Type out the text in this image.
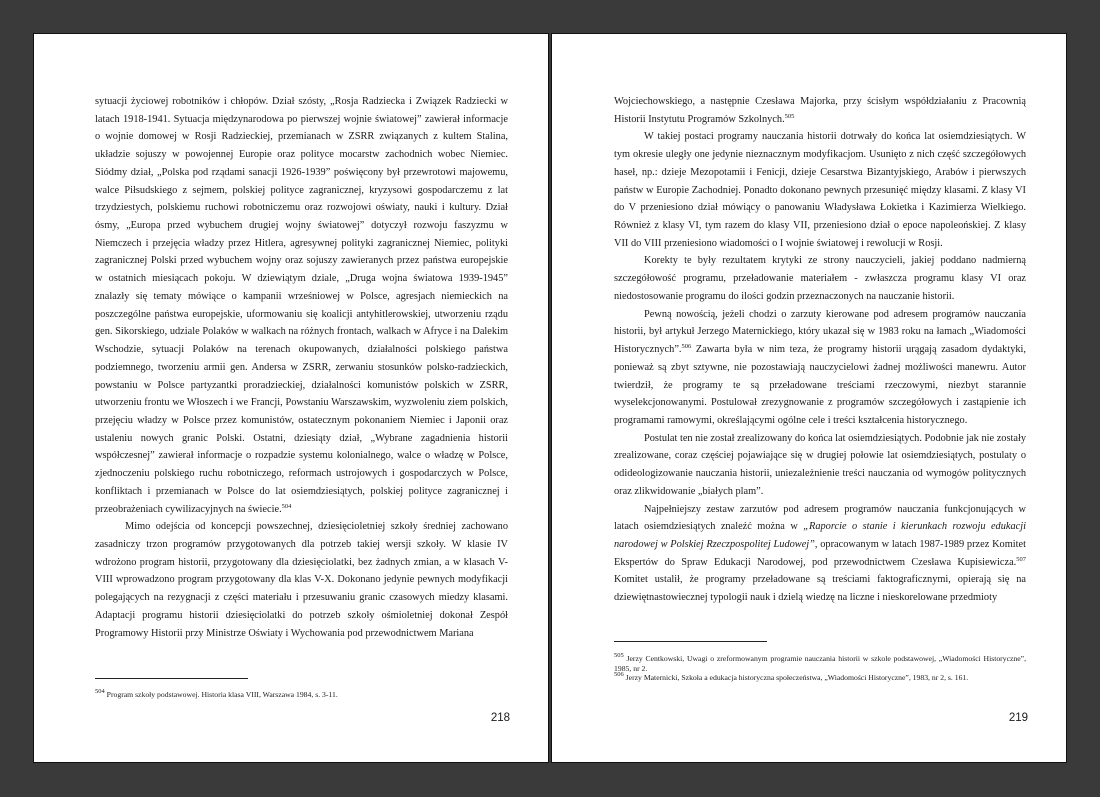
sytuacji życiowej robotników i chłopów. Dział szósty, „Rosja Radziecka i Związek Radziecki w latach 1918-1941. Sytuacja międzynarodowa po pierwszej wojnie światowej” zawierał informacje o wojnie domowej w Rosji Radzieckiej, przemianach w ZSRR związanych z kultem Stalina, układzie sojuszy w powojennej Europie oraz polityce mocarstw zachodnich wobec Niemiec. Siódmy dział, „Polska pod rządami sanacji 1926-1939” poświęcony był przewrotowi majowemu, walce Piłsudskiego z sejmem, polskiej polityce zagranicznej, kryzysowi gospodarczemu z lat trzydziestych, polskiemu ruchowi robotniczemu oraz rozwojowi oświaty, nauki i kultury. Dział ósmy, „Europa przed wybuchem drugiej wojny światowej” dotyczył rozwoju faszyzmu w Niemczech i przejęcia władzy przez Hitlera, agresywnej polityki zagranicznej Niemiec, polityki zagranicznej Polski przed wybuchem wojny oraz sojuszy zawieranych przez państwa europejskie w ostatnich miesiącach pokoju. W dziewiątym dziale, „Druga wojna światowa 1939-1945” znalazły się tematy mówiące o kampanii wrześniowej w Polsce, agresjach niemieckich na poszczególne państwa europejskie, uformowaniu się koalicji antyhitlerowskiej, utworzeniu rządu gen. Sikorskiego, udziale Polaków w walkach na różnych frontach, walkach w Afryce i na Dalekim Wschodzie, sytuacji Polaków na terenach okupowanych, działalności polskiego państwa podziemnego, tworzeniu armii gen. Andersa w ZSRR, zerwaniu stosunków polsko-radzieckich, powstaniu w Polsce partyzantki proradzieckiej, działalności komunistów polskich w ZSRR, utworzeniu frontu we Włoszech i we Francji, Powstaniu Warszawskim, wyzwoleniu ziem polskich, przejęciu władzy w Polsce przez komunistów, ostatecznym pokonaniem Niemiec i Japonii oraz ustaleniu nowych granic Polski. Ostatni, dziesiąty dział, „Wybrane zagadnienia historii współczesnej” zawierał informacje o rozpadzie systemu kolonialnego, walce o władzę w Polsce, zjednoczeniu polskiego ruchu robotniczego, reformach ustrojowych i gospodarczych w Polsce, konfliktach i przemianach w Polsce do lat osiemdziesiątych, polskiej polityce zagranicznej i przeobrażeniach cywilizacyjnych na świecie.$^{504}$

Mimo odejścia od koncepcji powszechnej, dziesięcioletniej szkoły średniej zachowano zasadniczy trzon programów przygotowanych dla potrzeb takiej wersji szkoły. W klasie IV wdrożono program historii, przygotowany dla dziesięciolatki, bez żadnych zmian, a w klasach V-VIII wprowadzono program przygotowany dla klas V-X. Dokonano jedynie pewnych modyfikacji polegających na rezygnacji z części materiału i przesuwaniu granic czasowych miedzy klasami. Adaptacji programu historii dziesięciolatki do potrzeb szkoły ośmioletniej dokonał Zespół Programowy Historii przy Ministrze Oświaty i Wychowania pod przewodnictwem Mariana

$^{504}$ Program szkoły podstawowej. Historia klasa VIII, Warszawa 1984, s. 3-11.

218

Wojciechowskiego, a następnie Czesława Majorka, przy ścisłym współdziałaniu z Pracownią Historii Instytutu Programów Szkolnych.$^{505}$

W takiej postaci programy nauczania historii dotrwały do końca lat osiemdziesiątych. W tym okresie uległy one jedynie nieznacznym modyfikacjom. Usunięto z nich część szczegółowych haseł, np.: dzieje Mezopotamii i Fenicji, dzieje Cesarstwa Bizantyjskiego, Arabów i pierwszych państw w Europie Zachodniej. Ponadto dokonano pewnych przesunięć między klasami. Z klasy VI do V przeniesiono dział mówiący o panowaniu Władysława Łokietka i Kazimierza Wielkiego. Również z klasy VI, tym razem do klasy VII, przeniesiono dział o epoce napoleońskiej. Z klasy VII do VIII przeniesiono wiadomości o I wojnie światowej i rewolucji w Rosji.

Korekty te były rezultatem krytyki ze strony nauczycieli, jakiej poddano nadmierną szczegółowość programu, przeładowanie materiałem - zwłaszcza programu klasy VI oraz niedostosowanie programu do ilości godzin przeznaczonych na nauczanie historii.

Pewną nowością, jeżeli chodzi o zarzuty kierowane pod adresem programów nauczania historii, był artykuł Jerzego Maternickiego, który ukazał się w 1983 roku na łamach „Wiadomości Historycznych”.$^{506}$ Zawarta była w nim teza, że programy historii urągają zasadom dydaktyki, ponieważ są zbyt sztywne, nie pozostawiają nauczycielowi żadnej możliwości manewru. Autor twierdził, że programy te są przeładowane treściami rzeczowymi, niezbyt starannie wyselekcjonowanymi. Postulował zrezygnowanie z programów szczegółowych i zastąpienie ich programami ramowymi, określającymi ogólne cele i treści kształcenia historycznego.

Postulat ten nie został zrealizowany do końca lat osiemdziesiątych. Podobnie jak nie zostały zrealizowane, coraz częściej pojawiające się w drugiej połowie lat osiemdziesiątych, postulaty o odideologizowanie nauczania historii, uniezależnienie treści nauczania od wymogów politycznych oraz zlikwidowanie „białych plam”.

Najpełniejszy zestaw zarzutów pod adresem programów nauczania funkcjonujących w latach osiemdziesiątych znaleźć można w „Raporcie o stanie i kierunkach rozwoju edukacji narodowej w Polskiej Rzeczpospolitej Ludowej”, opracowanym w latach 1987-1989 przez Komitet Ekspertów do Spraw Edukacji Narodowej, pod przewodnictwem Czesława Kupisiewicza.$^{507}$ Komitet ustalił, że programy przeładowane są treściami faktograficznymi, opierają się na dziewiętnastowiecznej typologii nauk i dzielą wiedzę na liczne i nieskorelowane przedmioty

$^{505}$ Jerzy Centkowski, Uwagi o zreformowanym programie nauczania historii w szkole podstawowej, „Wiadomości Historyczne”, 1985, nr 2.

$^{506}$ Jerzy Maternicki, Szkoła a edukacja historyczna społeczeństwa, „Wiadomości Historyczne”, 1983, nr 2, s. 161.

219
